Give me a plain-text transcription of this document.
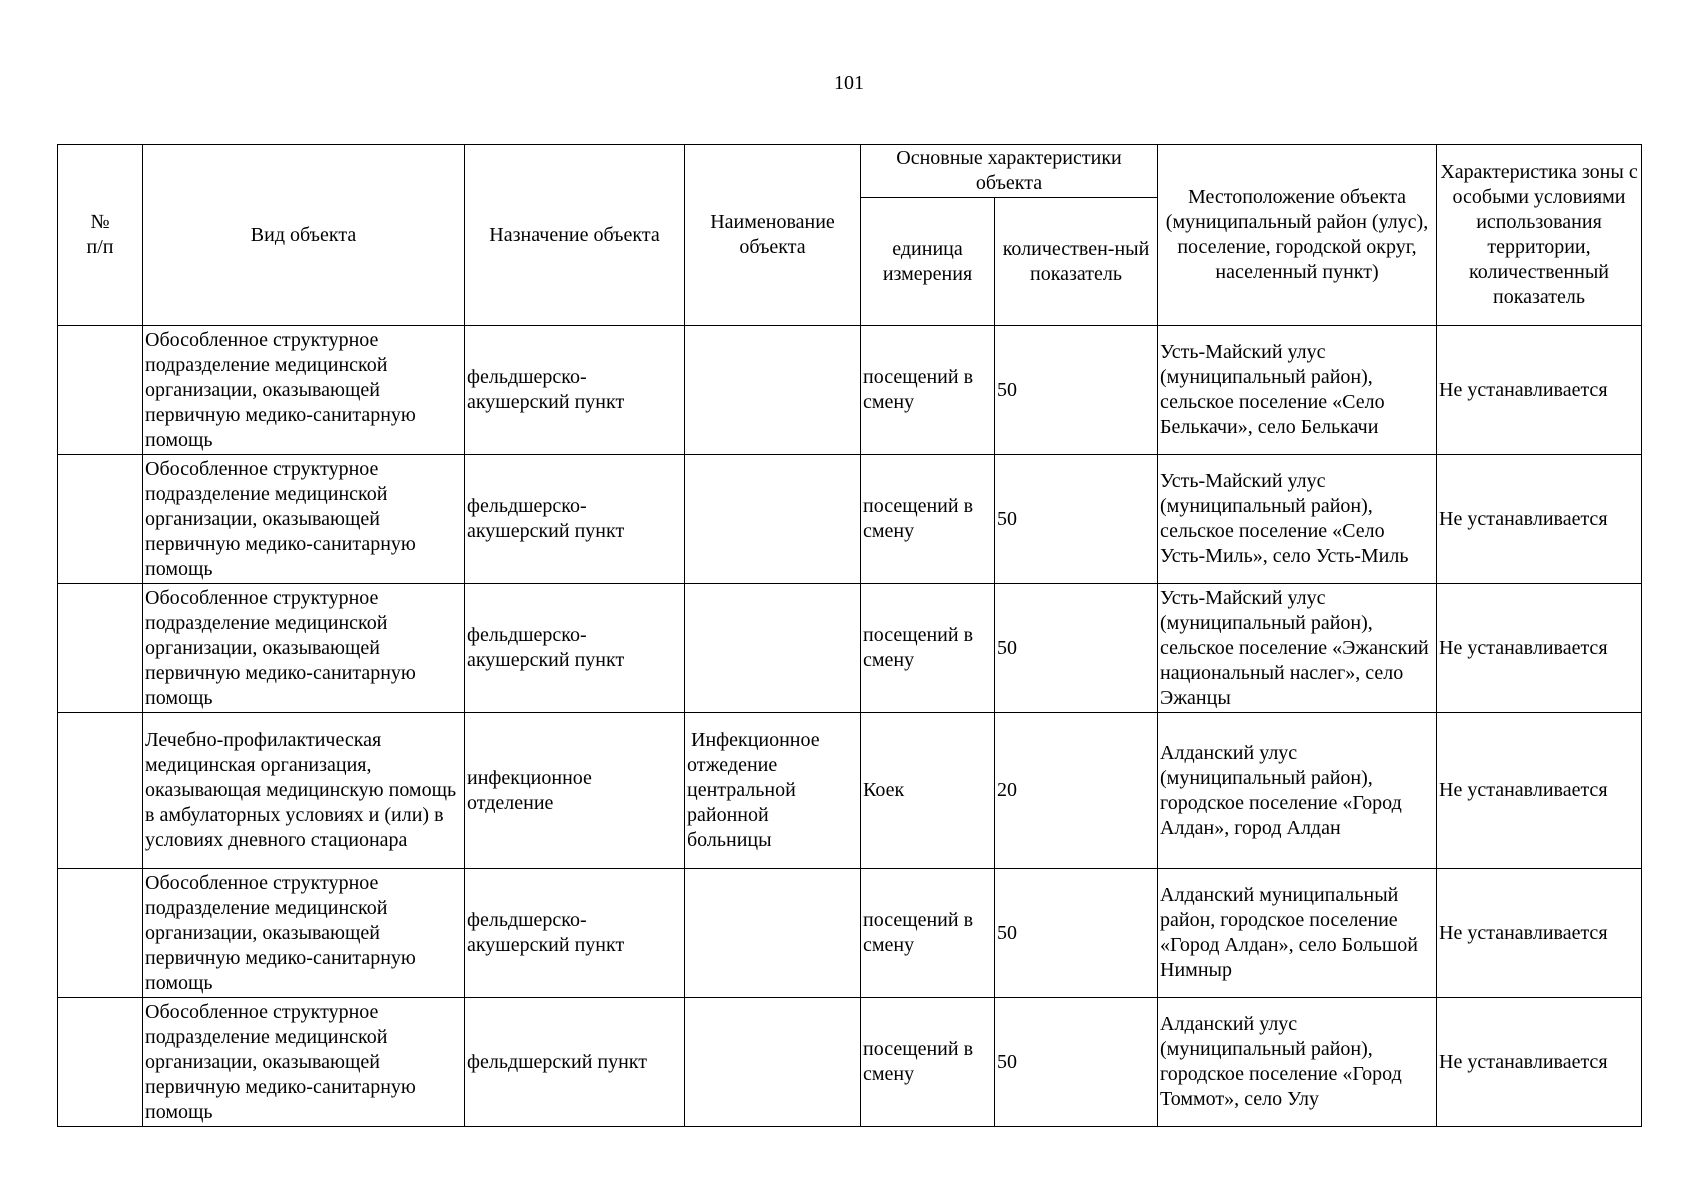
101
№
п/п	Вид объекта	Назначение объекта	Наименование объекта	Основные характеристики объекта		Местоположение объекта (муниципальный район (улус), поселение, городской округ, населенный пункт)	Характеристика зоны с особыми условиями использования территории, количественный показатель
				единица измерения	количествен-ный показатель		
	Обособленное структурное подразделение медицинской организации, оказывающей первичную медико-санитарную помощь	фельдшерско-акушерский пункт		посещений в смену	50	Усть-Майский улус (муниципальный район), сельское поселение «Село Белькачи», село Белькачи	Не устанавливается
	Обособленное структурное подразделение медицинской организации, оказывающей первичную медико-санитарную помощь	фельдшерско-акушерский пункт		посещений в смену	50	Усть-Майский улус (муниципальный район), сельское поселение «Село Усть-Миль», село Усть-Миль	Не устанавливается
	Обособленное структурное подразделение медицинской организации, оказывающей первичную медико-санитарную помощь	фельдшерско-акушерский пункт		посещений в смену	50	Усть-Майский улус (муниципальный район), сельское поселение «Эжанский национальный наслег», село Эжанцы	Не устанавливается
	Лечебно-профилактическая медицинская организация, оказывающая медицинскую помощь в амбулаторных условиях и (или) в условиях дневного стационара	инфекционное отделение	Инфекционное отжедение центральной районной больницы	Коек	20	Алданский улус (муниципальный район), городское поселение «Город Алдан», город Алдан	Не устанавливается
	Обособленное структурное подразделение медицинской организации, оказывающей первичную медико-санитарную помощь	фельдшерско-акушерский пункт		посещений в смену	50	Алданский муниципальный район, городское поселение «Город Алдан», село Большой Нимныр	Не устанавливается
	Обособленное структурное подразделение медицинской организации, оказывающей первичную медико-санитарную помощь	фельдшерский пункт		посещений в смену	50	Алданский улус (муниципальный район), городское поселение «Город Томмот», село Улу	Не устанавливается
